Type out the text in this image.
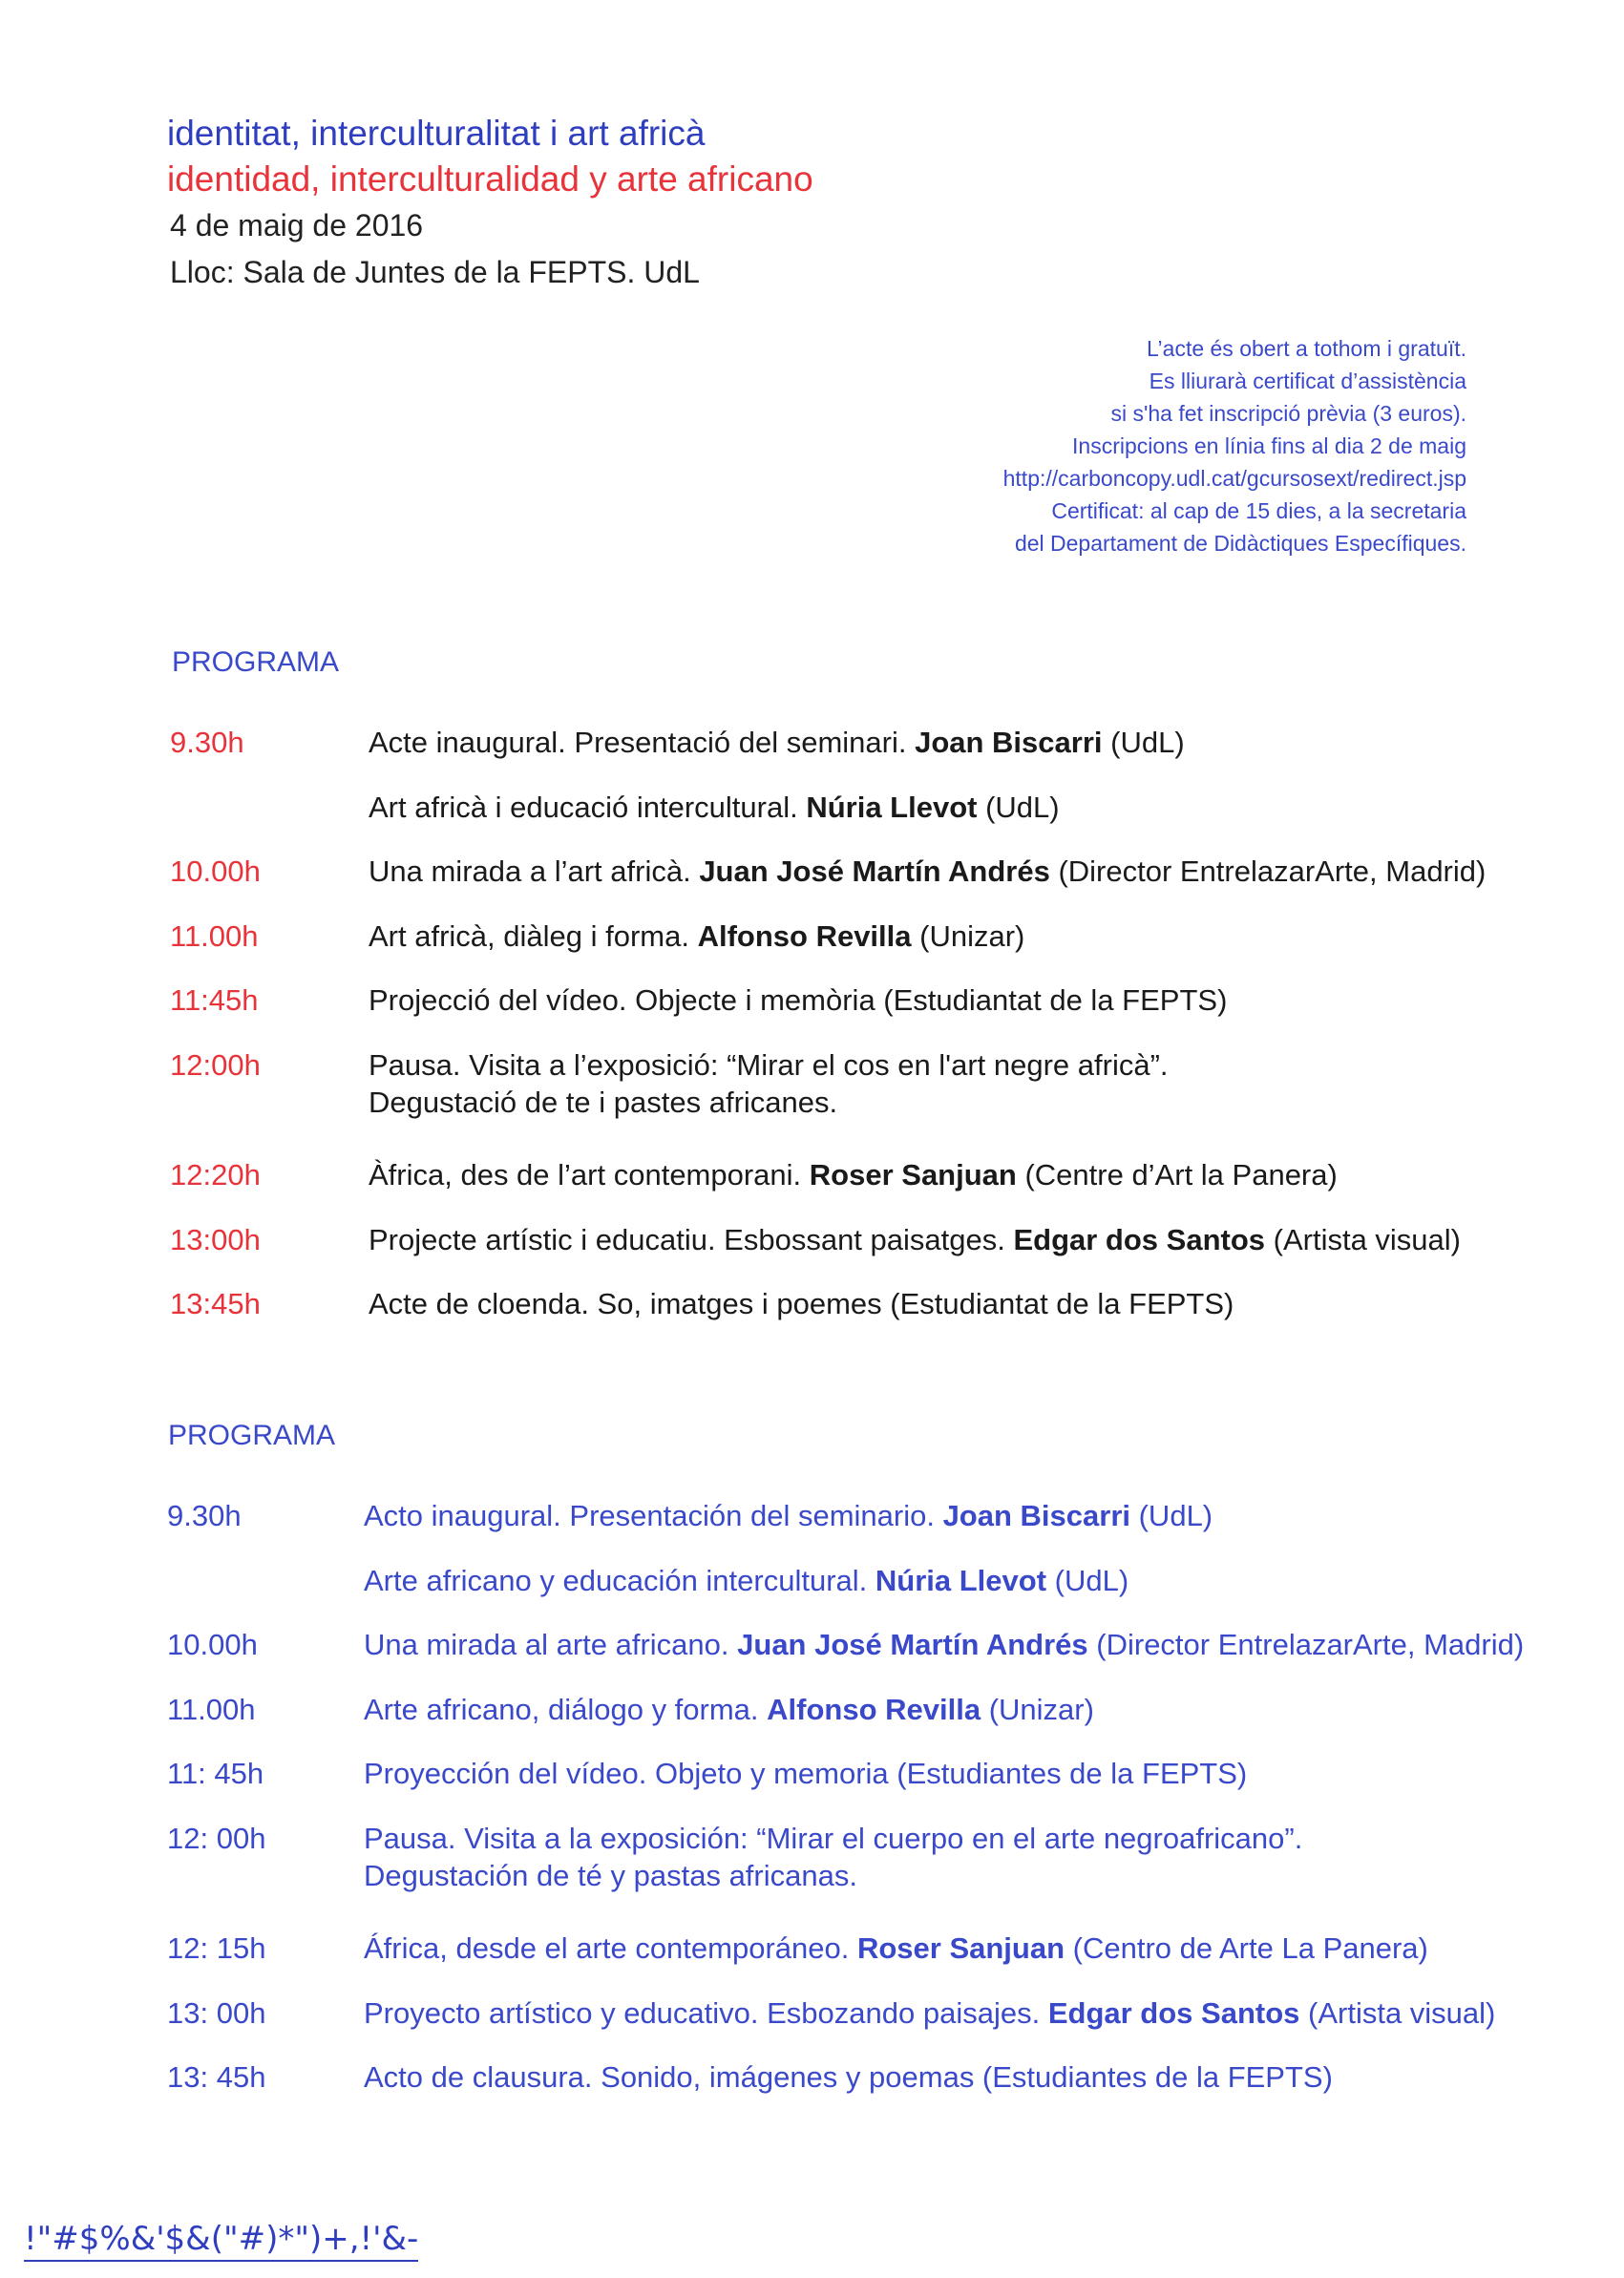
identitat, interculturalitat i art africà
identidad, interculturalidad y arte africano
4 de maig de 2016
Lloc: Sala de Juntes de la FEPTS. UdL
L’acte és obert a tothom i gratuït.
Es lliurarà certificat d’assistència
si s'ha fet inscripció prèvia (3 euros).
Inscripcions en línia fins al dia 2 de maig
http://carboncopy.udl.cat/gcursosext/redirect.jsp
Certificat: al cap de 15 dies, a la secretaria
del Departament de Didàctiques Específiques.
PROGRAMA
9.30h	Acte inaugural. Presentació del seminari. Joan Biscarri (UdL)
Art africà i educació intercultural. Núria Llevot (UdL)
10.00h	Una mirada a l’art africà. Juan José Martín Andrés (Director EntrelazarArte, Madrid)
11.00h	Art africà, diàleg i forma. Alfonso Revilla (Unizar)
11:45h	Projecció del vídeo. Objecte i memòria (Estudiantat de la FEPTS)
12:00h	Pausa. Visita a l’exposició: “Mirar el cos en l'art negre africà”.
Degustació de te i pastes africanes.
12:20h	Àfrica, des de l’art contemporani. Roser Sanjuan (Centre d’Art la Panera)
13:00h	Projecte artístic i educatiu. Esbossant paisatges. Edgar dos Santos (Artista visual)
13:45h	Acte de cloenda. So, imatges i poemes (Estudiantat de la FEPTS)
PROGRAMA
9.30h	Acto inaugural. Presentación del seminario. Joan Biscarri (UdL)
Arte africano y educación intercultural. Núria Llevot (UdL)
10.00h	Una mirada al arte africano. Juan José Martín Andrés (Director EntrelazarArte, Madrid)
11.00h	Arte africano, diálogo y forma. Alfonso Revilla (Unizar)
11: 45h	Proyección del vídeo. Objeto y memoria (Estudiantes de la FEPTS)
12: 00h	Pausa. Visita a la exposición: “Mirar el cuerpo en el arte negroafricano”.
Degustación de té y pastas africanas.
12: 15h	África, desde el arte contemporáneo. Roser Sanjuan (Centro de Arte La Panera)
13: 00h	Proyecto artístico y educativo. Esbozando paisajes. Edgar dos Santos (Artista visual)
13: 45h	Acto de clausura. Sonido, imágenes y poemas (Estudiantes de la FEPTS)
!"#$%&'$&("#)*")+,!'&-
